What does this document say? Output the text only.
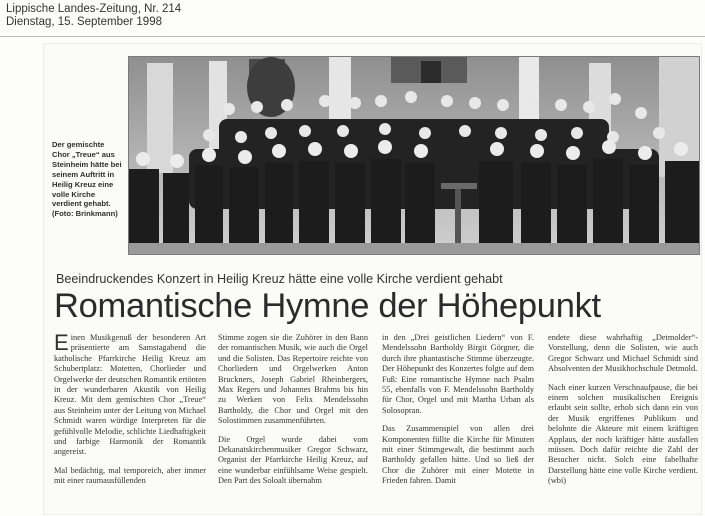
Lippische Landes-Zeitung, Nr. 214
Dienstag, 15. September 1998
Der gemischte Chor „Treue“ aus Steinheim hätte bei seinem Auftritt in Heilig Kreuz eine volle Kirche verdient gehabt. (Foto: Brinkmann)
Beeindruckendes Konzert in Heilig Kreuz hätte eine volle Kirche verdient gehabt
Romantische Hymne der Höhepunkt

Einen Musikgenuß der besonderen Art präsentierte am Samstagabend die katholische Pfarrkirche Heilig Kreuz am Schubertplatz: Motetten, Chorlieder und Orgelwerke der deutschen Romantik ertönten in der wunderbaren Akustik von Heilig Kreuz. Mit dem gemischten Chor „Treue“ aus Steinheim unter der Leitung von Michael Schmidt waren würdige Interpreten für die gefühlvolle Melodie, schlichte Liedhaftigkeit und farbige Harmonik der Romantik angereist.

Mal bedächtig, mal temporeich, aber immer mit einer raumausfüllenden

Stimme zogen sie die Zuhörer in den Bann der romantischen Musik, wie auch die Orgel und die Solisten. Das Repertoire reichte von Chorliedern und Orgelwerken Anton Bruckners, Joseph Gabriel Rheinbergers, Max Regers und Johannes Brahms bis hin zu Werken von Felix Mendelssohn Bartholdy, die Chor und Orgel mit den Solostimmen zusammenführten.

Die Orgel wurde dabei vom Dekanatskirchenmusiker Gregor Schwarz, Organist der Pfarrkirche Heilig Kreuz, auf eine wunderbar einfühlsame Weise gespielt. Den Part des Soloalt übernahm

in den „Drei geistlichen Liedern“ von F. Mendelssohn Bartholdy Birgit Görgner, die durch ihre phantastische Stimme überzeugte. Der Höhepunkt des Konzertes folgte auf dem Fuß: Eine romantische Hymne nach Psalm 55, ebenfalls von F. Mendelssohn Bartholdy für Chor, Orgel und mit Martha Urban als Solosopran.

Das Zusammenspiel von allen drei Komponenten füllte die Kirche für Minuten mit einer Stimmgewalt, die bestimmt auch Bartholdy gefallen hätte. Und so ließ der Chor die Zuhörer mit einer Motette in Frieden fahren. Damit

endete diese wahrhaftig „Detmolder“-Vorstellung, denn die Solisten, wie auch Gregor Schwarz und Michael Schmidt sind Absolventen der Musikhochschule Detmold.

Nach einer kurzen Verschnaufpause, die bei einem solchen musikalischen Ereignis erlaubt sein sollte, erhob sich dann ein von der Musik ergriffenes Publikum und belohnte die Akteure mit einem kräftigen Applaus, der noch kräftiger hätte ausfallen müssen. Doch dafür reichte die Zahl der Besucher nicht. Solch eine fabelhafte Darstellung hätte eine volle Kirche verdient. (wbi)
